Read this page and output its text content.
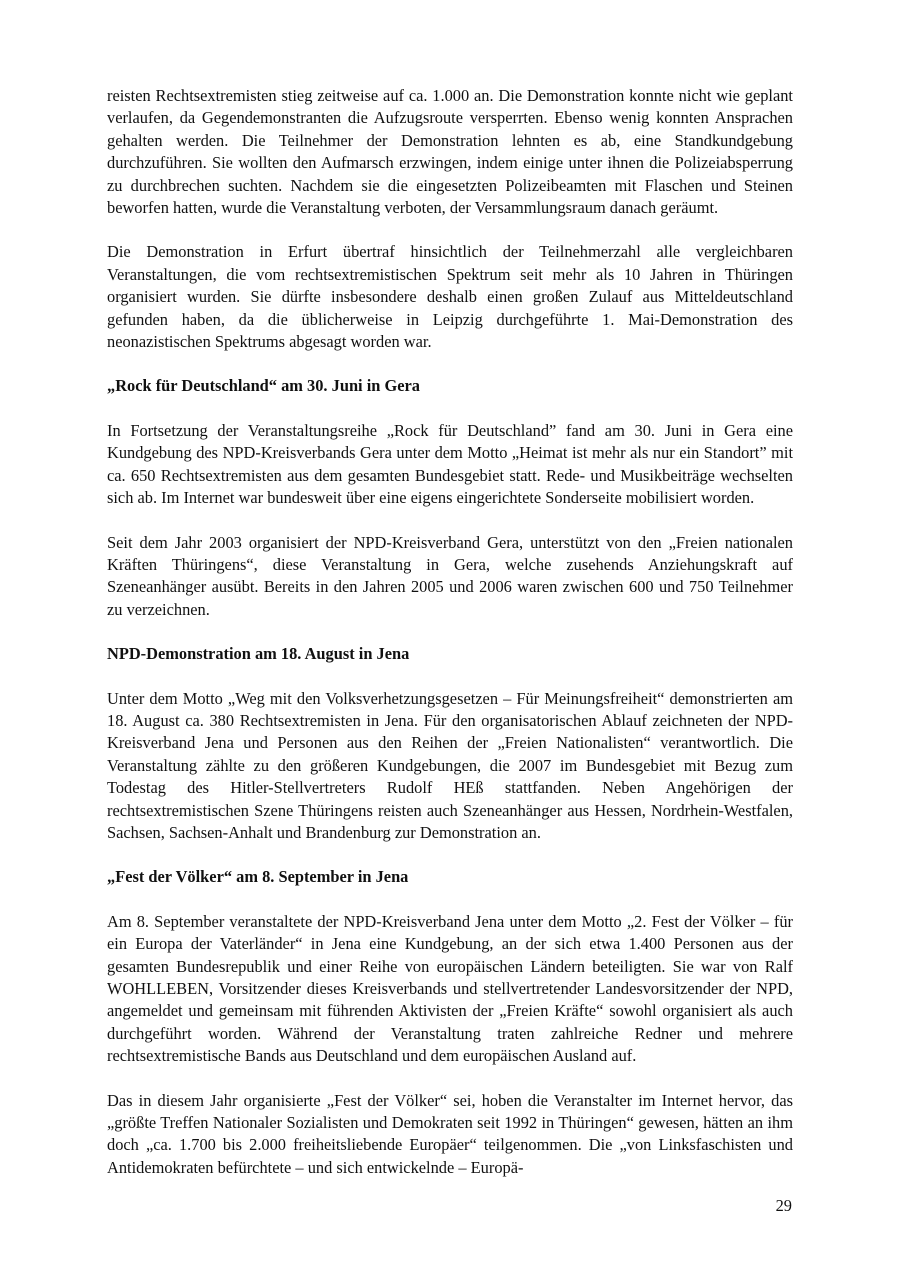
reisten Rechtsextremisten stieg zeitweise auf ca. 1.000 an. Die Demonstration konnte nicht wie geplant verlaufen, da Gegendemonstranten die Aufzugsroute versperrten. Ebenso wenig konnten Ansprachen gehalten werden. Die Teilnehmer der Demonstration lehnten es ab, eine Standkundgebung durchzuführen. Sie wollten den Aufmarsch erzwingen, indem einige unter ihnen die Polizeiabsperrung zu durchbrechen suchten. Nachdem sie die eingesetzten Polizeibeamten mit Flaschen und Steinen beworfen hatten, wurde die Veranstaltung verboten, der Versammlungsraum danach geräumt.

Die Demonstration in Erfurt übertraf hinsichtlich der Teilnehmerzahl alle vergleichbaren Veranstaltungen, die vom rechtsextremistischen Spektrum seit mehr als 10 Jahren in Thüringen organisiert wurden. Sie dürfte insbesondere deshalb einen großen Zulauf aus Mitteldeutschland gefunden haben, da die üblicherweise in Leipzig durchgeführte 1. Mai-Demonstration des neonazistischen Spektrums abgesagt worden war.

„Rock für Deutschland“ am 30. Juni in Gera

In Fortsetzung der Veranstaltungsreihe „Rock für Deutschland” fand am 30. Juni in Gera eine Kundgebung des NPD-Kreisverbands Gera unter dem Motto „Heimat ist mehr als nur ein Standort” mit ca. 650 Rechtsextremisten aus dem gesamten Bundesgebiet statt. Rede- und Musikbeiträge wechselten sich ab. Im Internet war bundesweit über eine eigens eingerichtete Sonderseite mobilisiert worden.

Seit dem Jahr 2003 organisiert der NPD-Kreisverband Gera, unterstützt von den „Freien nationalen Kräften Thüringens“, diese Veranstaltung in Gera, welche zusehends Anziehungskraft auf Szeneanhänger ausübt. Bereits in den Jahren 2005 und 2006 waren zwischen 600 und 750 Teilnehmer zu verzeichnen.

NPD-Demonstration am 18. August in Jena

Unter dem Motto „Weg mit den Volksverhetzungsgesetzen – Für Meinungsfreiheit“ demonstrierten am 18. August ca. 380 Rechtsextremisten in Jena. Für den organisatorischen Ablauf zeichneten der NPD-Kreisverband Jena und Personen aus den Reihen der „Freien Nationalisten“ verantwortlich. Die Veranstaltung zählte zu den größeren Kundgebungen, die 2007 im Bundesgebiet mit Bezug zum Todestag des Hitler-Stellvertreters Rudolf HEß stattfanden. Neben Angehörigen der rechtsextremistischen Szene Thüringens reisten auch Szeneanhänger aus Hessen, Nordrhein-Westfalen, Sachsen, Sachsen-Anhalt und Brandenburg zur Demonstration an.

„Fest der Völker“ am 8. September in Jena

Am 8. September veranstaltete der NPD-Kreisverband Jena unter dem Motto „2. Fest der Völker – für ein Europa der Vaterländer“ in Jena eine Kundgebung, an der sich etwa 1.400 Personen aus der gesamten Bundesrepublik und einer Reihe von europäischen Ländern beteiligten. Sie war von Ralf WOHLLEBEN, Vorsitzender dieses Kreisverbands und stellvertretender Landesvorsitzender der NPD, angemeldet und gemeinsam mit führenden Aktivisten der „Freien Kräfte“ sowohl organisiert als auch durchgeführt worden. Während der Veranstaltung traten zahlreiche Redner und mehrere rechtsextremistische Bands aus Deutschland und dem europäischen Ausland auf.

Das in diesem Jahr organisierte „Fest der Völker“ sei, hoben die Veranstalter im Internet hervor, das „größte Treffen Nationaler Sozialisten und Demokraten seit 1992 in Thüringen“ gewesen, hätten an ihm doch „ca. 1.700 bis 2.000 freiheitsliebende Europäer“ teilgenommen. Die „von Linksfaschisten und Antidemokraten befürchtete – und sich entwickelnde – Europä-

29
